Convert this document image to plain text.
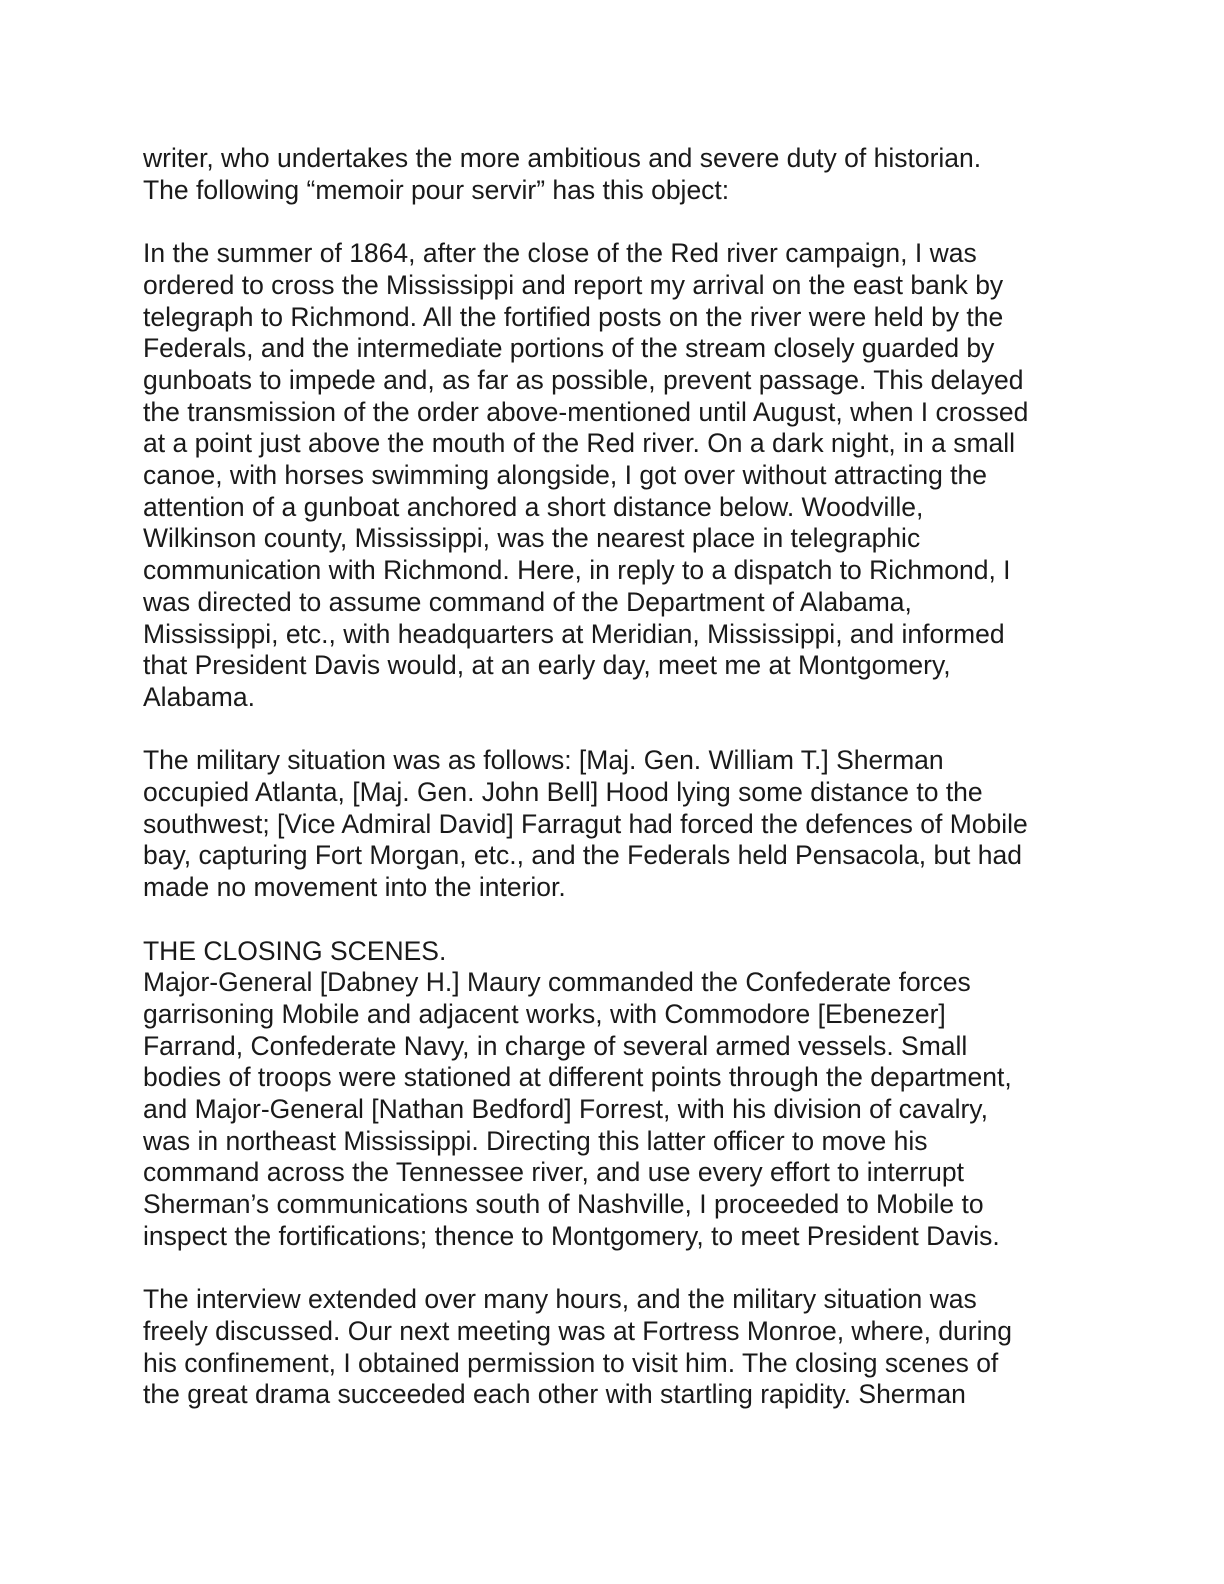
writer, who undertakes the more ambitious and severe duty of historian.
The following “memoir pour servir” has this object:

In the summer of 1864, after the close of the Red river campaign, I was
ordered to cross the Mississippi and report my arrival on the east bank by
telegraph to Richmond. All the fortified posts on the river were held by the
Federals, and the intermediate portions of the stream closely guarded by
gunboats to impede and, as far as possible, prevent passage. This delayed
the transmission of the order above-mentioned until August, when I crossed
at a point just above the mouth of the Red river. On a dark night, in a small
canoe, with horses swimming alongside, I got over without attracting the
attention of a gunboat anchored a short distance below. Woodville,
Wilkinson county, Mississippi, was the nearest place in telegraphic
communication with Richmond. Here, in reply to a dispatch to Richmond, I
was directed to assume command of the Department of Alabama,
Mississippi, etc., with headquarters at Meridian, Mississippi, and informed
that President Davis would, at an early day, meet me at Montgomery,
Alabama.

The military situation was as follows: [Maj. Gen. William T.] Sherman
occupied Atlanta, [Maj. Gen. John Bell] Hood lying some distance to the
southwest; [Vice Admiral David] Farragut had forced the defences of Mobile
bay, capturing Fort Morgan, etc., and the Federals held Pensacola, but had
made no movement into the interior.

THE CLOSING SCENES.

Major-General [Dabney H.] Maury commanded the Confederate forces
garrisoning Mobile and adjacent works, with Commodore [Ebenezer]
Farrand, Confederate Navy, in charge of several armed vessels. Small
bodies of troops were stationed at different points through the department,
and Major-General [Nathan Bedford] Forrest, with his division of cavalry,
was in northeast Mississippi. Directing this latter officer to move his
command across the Tennessee river, and use every effort to interrupt
Sherman’s communications south of Nashville, I proceeded to Mobile to
inspect the fortifications; thence to Montgomery, to meet President Davis.

The interview extended over many hours, and the military situation was
freely discussed. Our next meeting was at Fortress Monroe, where, during
his confinement, I obtained permission to visit him. The closing scenes of
the great drama succeeded each other with startling rapidity. Sherman
